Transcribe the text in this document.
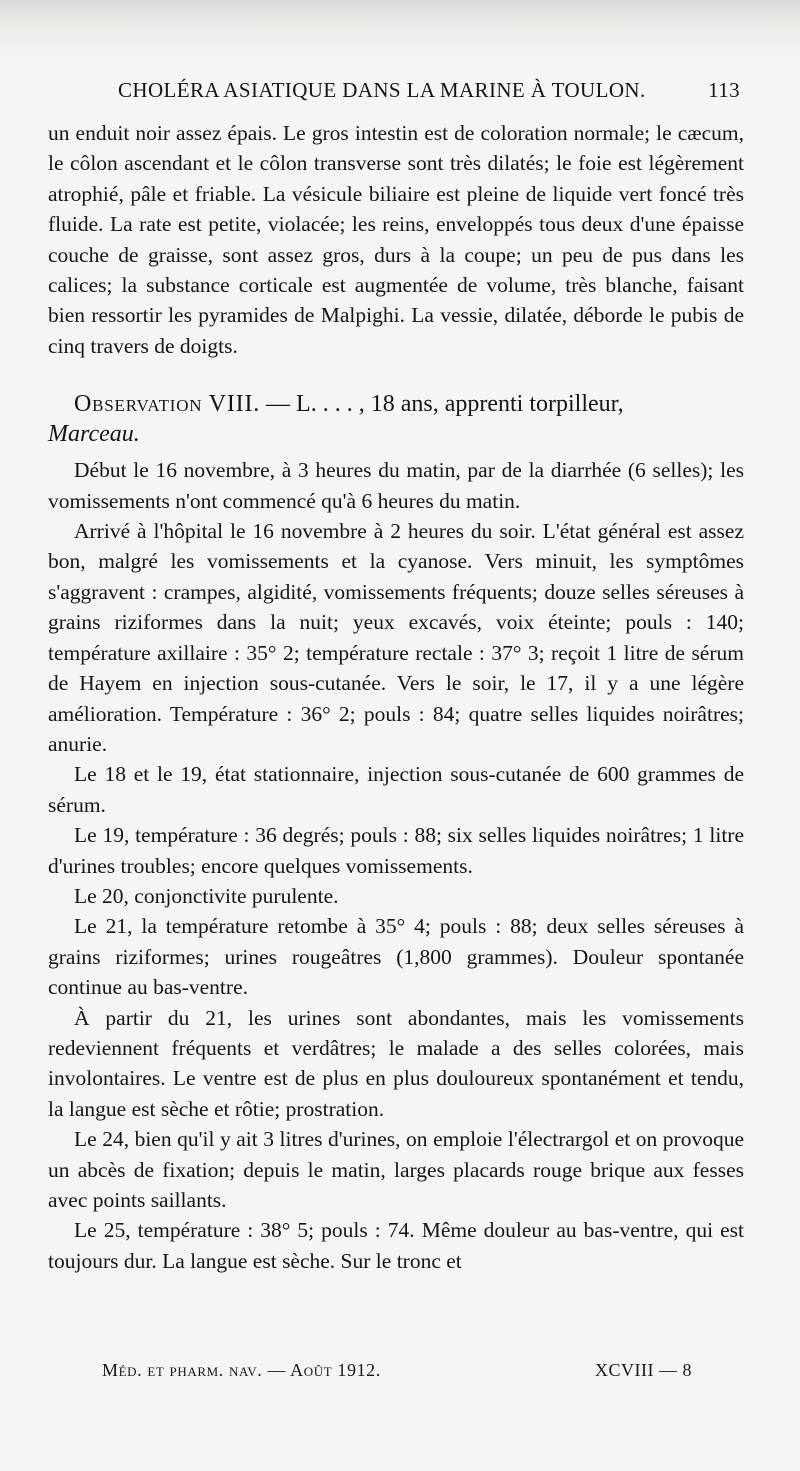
CHOLÉRA ASIATIQUE DANS LA MARINE À TOULON.	113

un enduit noir assez épais. Le gros intestin est de coloration normale; le cæcum, le côlon ascendant et le côlon transverse sont très dilatés; le foie est légèrement atrophié, pâle et friable. La vésicule biliaire est pleine de liquide vert foncé très fluide. La rate est petite, violacée; les reins, enveloppés tous deux d'une épaisse couche de graisse, sont assez gros, durs à la coupe; un peu de pus dans les calices; la substance corticale est augmentée de volume, très blanche, faisant bien ressortir les pyramides de Malpighi. La vessie, dilatée, déborde le pubis de cinq travers de doigts.

Observation VIII. — L. . . . , 18 ans, apprenti torpilleur,
Marceau.

Début le 16 novembre, à 3 heures du matin, par de la diarrhée (6 selles); les vomissements n'ont commencé qu'à 6 heures du matin.

Arrivé à l'hôpital le 16 novembre à 2 heures du soir. L'état général est assez bon, malgré les vomissements et la cyanose. Vers minuit, les symptômes s'aggravent : crampes, algidité, vomissements fréquents; douze selles séreuses à grains riziformes dans la nuit; yeux excavés, voix éteinte; pouls : 140; température axillaire : 35° 2; température rectale : 37° 3; reçoit 1 litre de sérum de Hayem en injection sous-cutanée. Vers le soir, le 17, il y a une légère amélioration. Température : 36° 2; pouls : 84; quatre selles liquides noirâtres; anurie.

Le 18 et le 19, état stationnaire, injection sous-cutanée de 600 grammes de sérum.

Le 19, température : 36 degrés; pouls : 88; six selles liquides noirâtres; 1 litre d'urines troubles; encore quelques vomissements.

Le 20, conjonctivite purulente.

Le 21, la température retombe à 35° 4; pouls : 88; deux selles séreuses à grains riziformes; urines rougeâtres (1,800 grammes). Douleur spontanée continue au bas-ventre.

À partir du 21, les urines sont abondantes, mais les vomissements redeviennent fréquents et verdâtres; le malade a des selles colorées, mais involontaires. Le ventre est de plus en plus douloureux spontanément et tendu, la langue est sèche et rôtie; prostration.

Le 24, bien qu'il y ait 3 litres d'urines, on emploie l'électrargol et on provoque un abcès de fixation; depuis le matin, larges placards rouge brique aux fesses avec points saillants.

Le 25, température : 38° 5; pouls : 74. Même douleur au bas-ventre, qui est toujours dur. La langue est sèche. Sur le tronc et

Méd. et pharm. nav. — Août 1912.	XCVIII — 8
